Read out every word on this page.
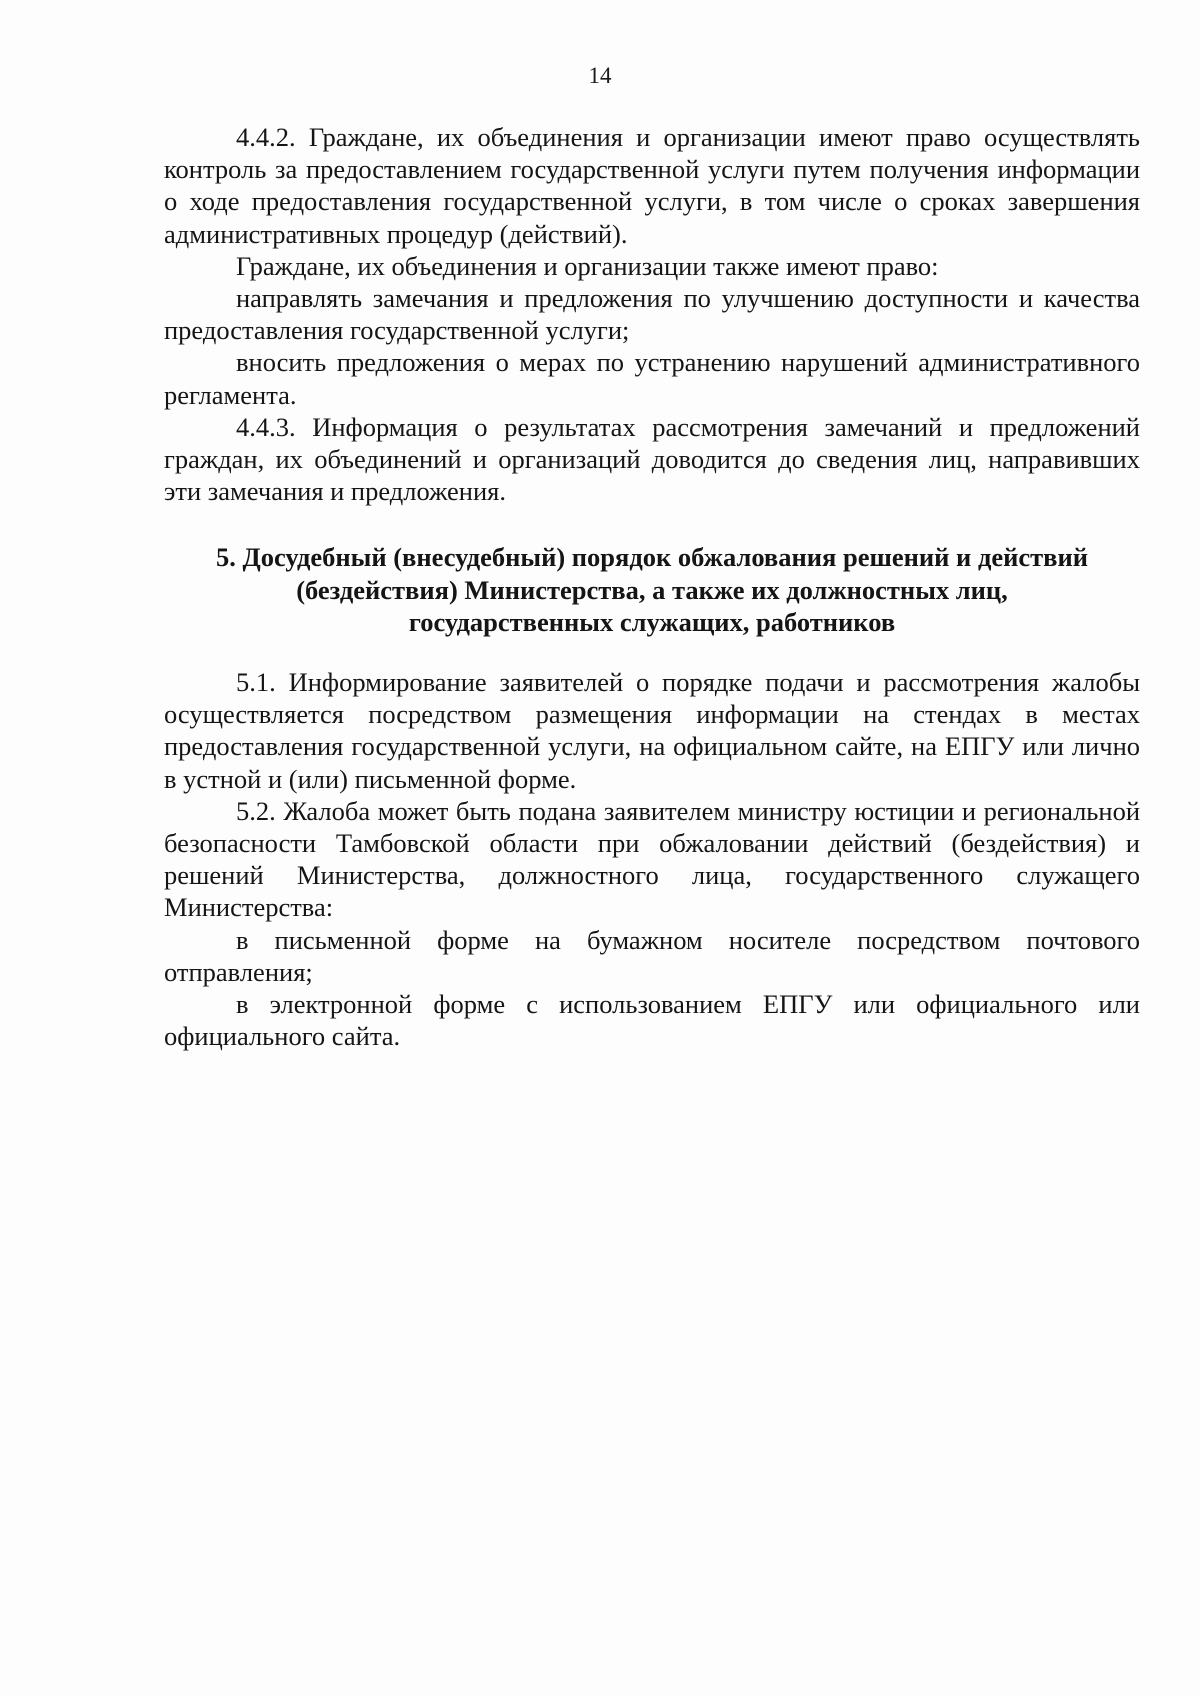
14

4.4.2. Граждане, их объединения и организации имеют право осуществлять контроль за предоставлением государственной услуги путем получения информации о ходе предоставления государственной услуги, в том числе о сроках завершения административных процедур (действий).

Граждане, их объединения и организации также имеют право:

направлять замечания и предложения по улучшению доступности и качества предоставления государственной услуги;

вносить предложения о мерах по устранению нарушений административного регламента.

4.4.3. Информация о результатах рассмотрения замечаний и предложений граждан, их объединений и организаций доводится до сведения лиц, направивших эти замечания и предложения.

5. Досудебный (внесудебный) порядок обжалования решений и действий
(бездействия) Министерства, а также их должностных лиц,
государственных служащих, работников

5.1. Информирование заявителей о порядке подачи и рассмотрения жалобы осуществляется посредством размещения информации на стендах в местах предоставления государственной услуги, на официальном сайте, на ЕПГУ или лично в устной и (или) письменной форме.

5.2. Жалоба может быть подана заявителем министру юстиции и региональной безопасности Тамбовской области при обжаловании действий (бездействия) и решений Министерства, должностного лица, государственного служащего Министерства:

в письменной форме на бумажном носителе посредством почтового отправления;

в электронной форме с использованием ЕПГУ или официального или официального сайта.
